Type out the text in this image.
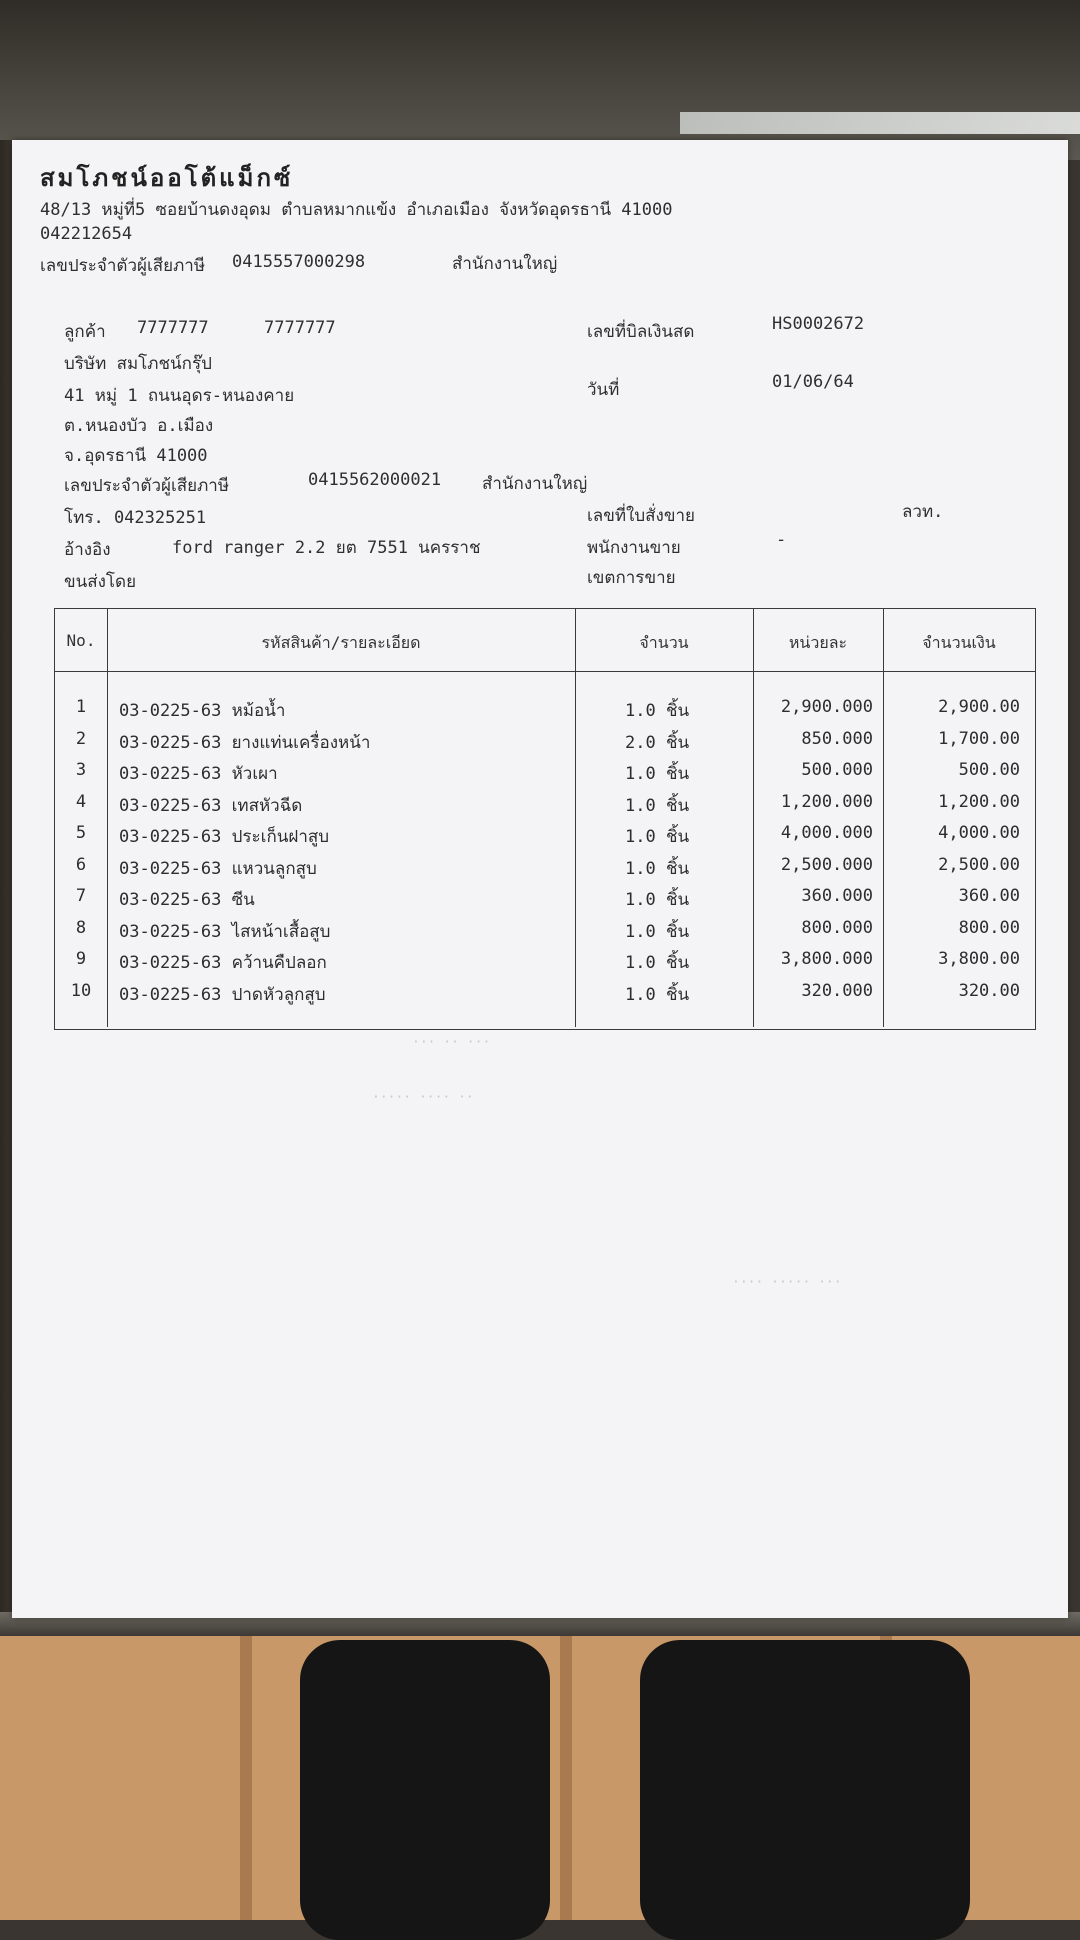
สมโภชน์ออโต้แม็กซ์
48/13 หมู่ที่5 ซอยบ้านดงอุดม ตำบลหมากแข้ง อำเภอเมือง จังหวัดอุดรธานี 41000
042212654
เลขประจำตัวผู้เสียภาษี 0415557000298	สำนักงานใหญ่
ลูกค้า 7777777	7777777
บริษัท สมโภชน์กรุ๊ป
41 หมู่ 1 ถนนอุดร-หนองคาย
ต.หนองบัว อ.เมือง
จ.อุดรธานี 41000
เลขประจำตัวผู้เสียภาษี	0415562000021 สำนักงานใหญ่
โทร. 042325251
อ้างอิง	ford ranger 2.2 ยต 7551 นครราช
ขนส่งโดย
เลขที่บิลเงินสด	HS0002672
วันที่	01/06/64
เลขที่ใบสั่งขาย	ลวท.
พนักงานขาย	-
เขตการขาย
··· ·· ···
····· ···· ··
···· ····· ···
No.	รหัสสินค้า/รายละเอียด	จำนวน	หน่วยละ	จำนวนเงิน
1	03-0225-63 หม้อน้ำ	1.0 ชิ้น	2,900.000	2,900.00
2	03-0225-63 ยางแท่นเครื่องหน้า	2.0 ชิ้น	850.000	1,700.00
3	03-0225-63 หัวเผา	1.0 ชิ้น	500.000	500.00
4	03-0225-63 เทสหัวฉีด	1.0 ชิ้น	1,200.000	1,200.00
5	03-0225-63 ประเก็นฝาสูบ	1.0 ชิ้น	4,000.000	4,000.00
6	03-0225-63 แหวนลูกสูบ	1.0 ชิ้น	2,500.000	2,500.00
7	03-0225-63 ซีน	1.0 ชิ้น	360.000	360.00
8	03-0225-63 ไสหน้าเสื้อสูบ	1.0 ชิ้น	800.000	800.00
9	03-0225-63 คว้านคืปลอก	1.0 ชิ้น	3,800.000	3,800.00
10	03-0225-63 ปาดหัวลูกสูบ	1.0 ชิ้น	320.000	320.00
